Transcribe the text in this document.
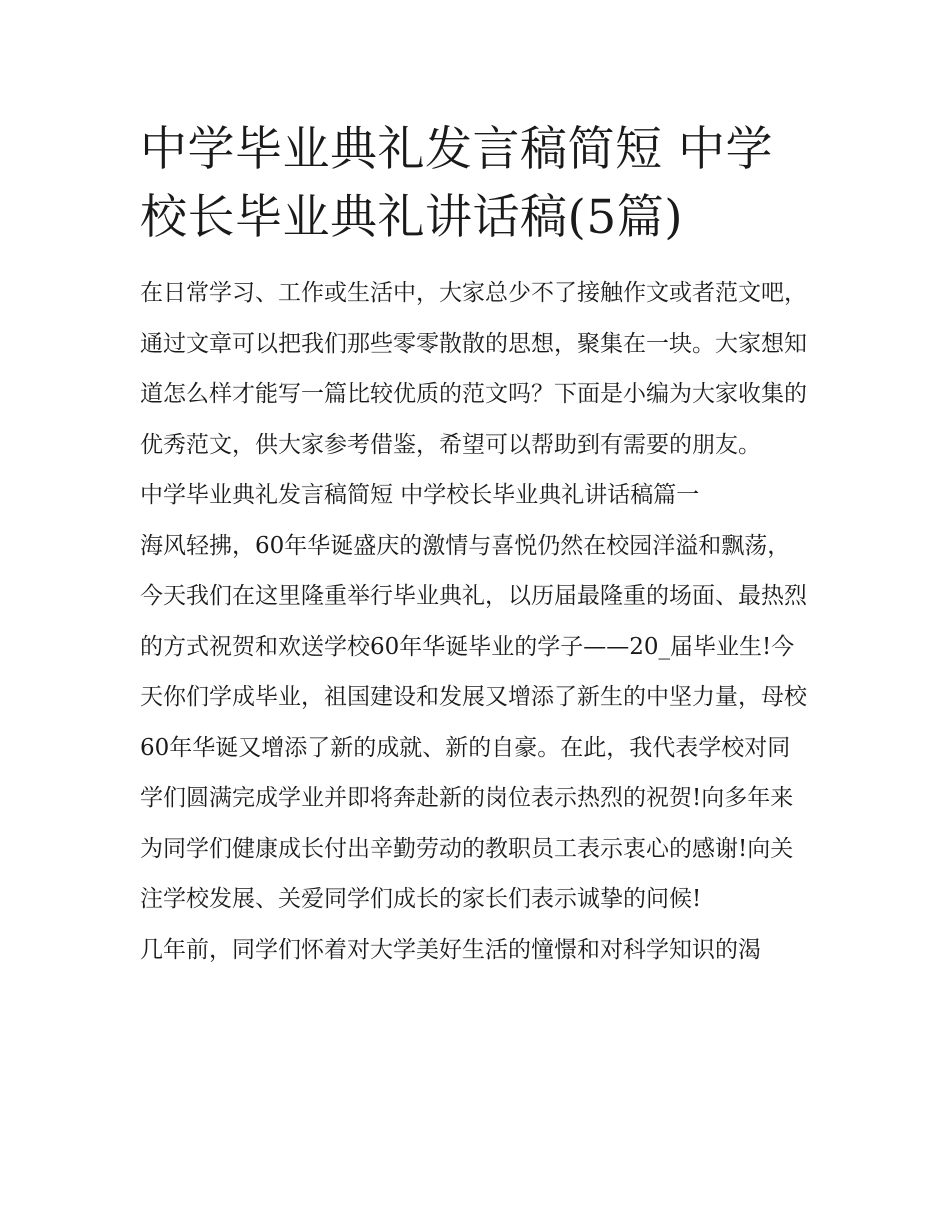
中学毕业典礼发言稿简短 中学校长毕业典礼讲话稿(5篇)

在日常学习、工作或生活中，大家总少不了接触作文或者范文吧，通过文章可以把我们那些零零散散的思想，聚集在一块。大家想知道怎么样才能写一篇比较优质的范文吗？下面是小编为大家收集的优秀范文，供大家参考借鉴，希望可以帮助到有需要的朋友。

中学毕业典礼发言稿简短 中学校长毕业典礼讲话稿篇一

海风轻拂，60年华诞盛庆的激情与喜悦仍然在校园洋溢和飘荡，今天我们在这里隆重举行毕业典礼，以历届最隆重的场面、最热烈的方式祝贺和欢送学校60年华诞毕业的学子——20_届毕业生!今天你们学成毕业，祖国建设和发展又增添了新生的中坚力量，母校60年华诞又增添了新的成就、新的自豪。在此，我代表学校对同学们圆满完成学业并即将奔赴新的岗位表示热烈的祝贺!向多年来为同学们健康成长付出辛勤劳动的教职员工表示衷心的感谢!向关注学校发展、关爱同学们成长的家长们表示诚挚的问候!

几年前，同学们怀着对大学美好生活的憧憬和对科学知识的渴
